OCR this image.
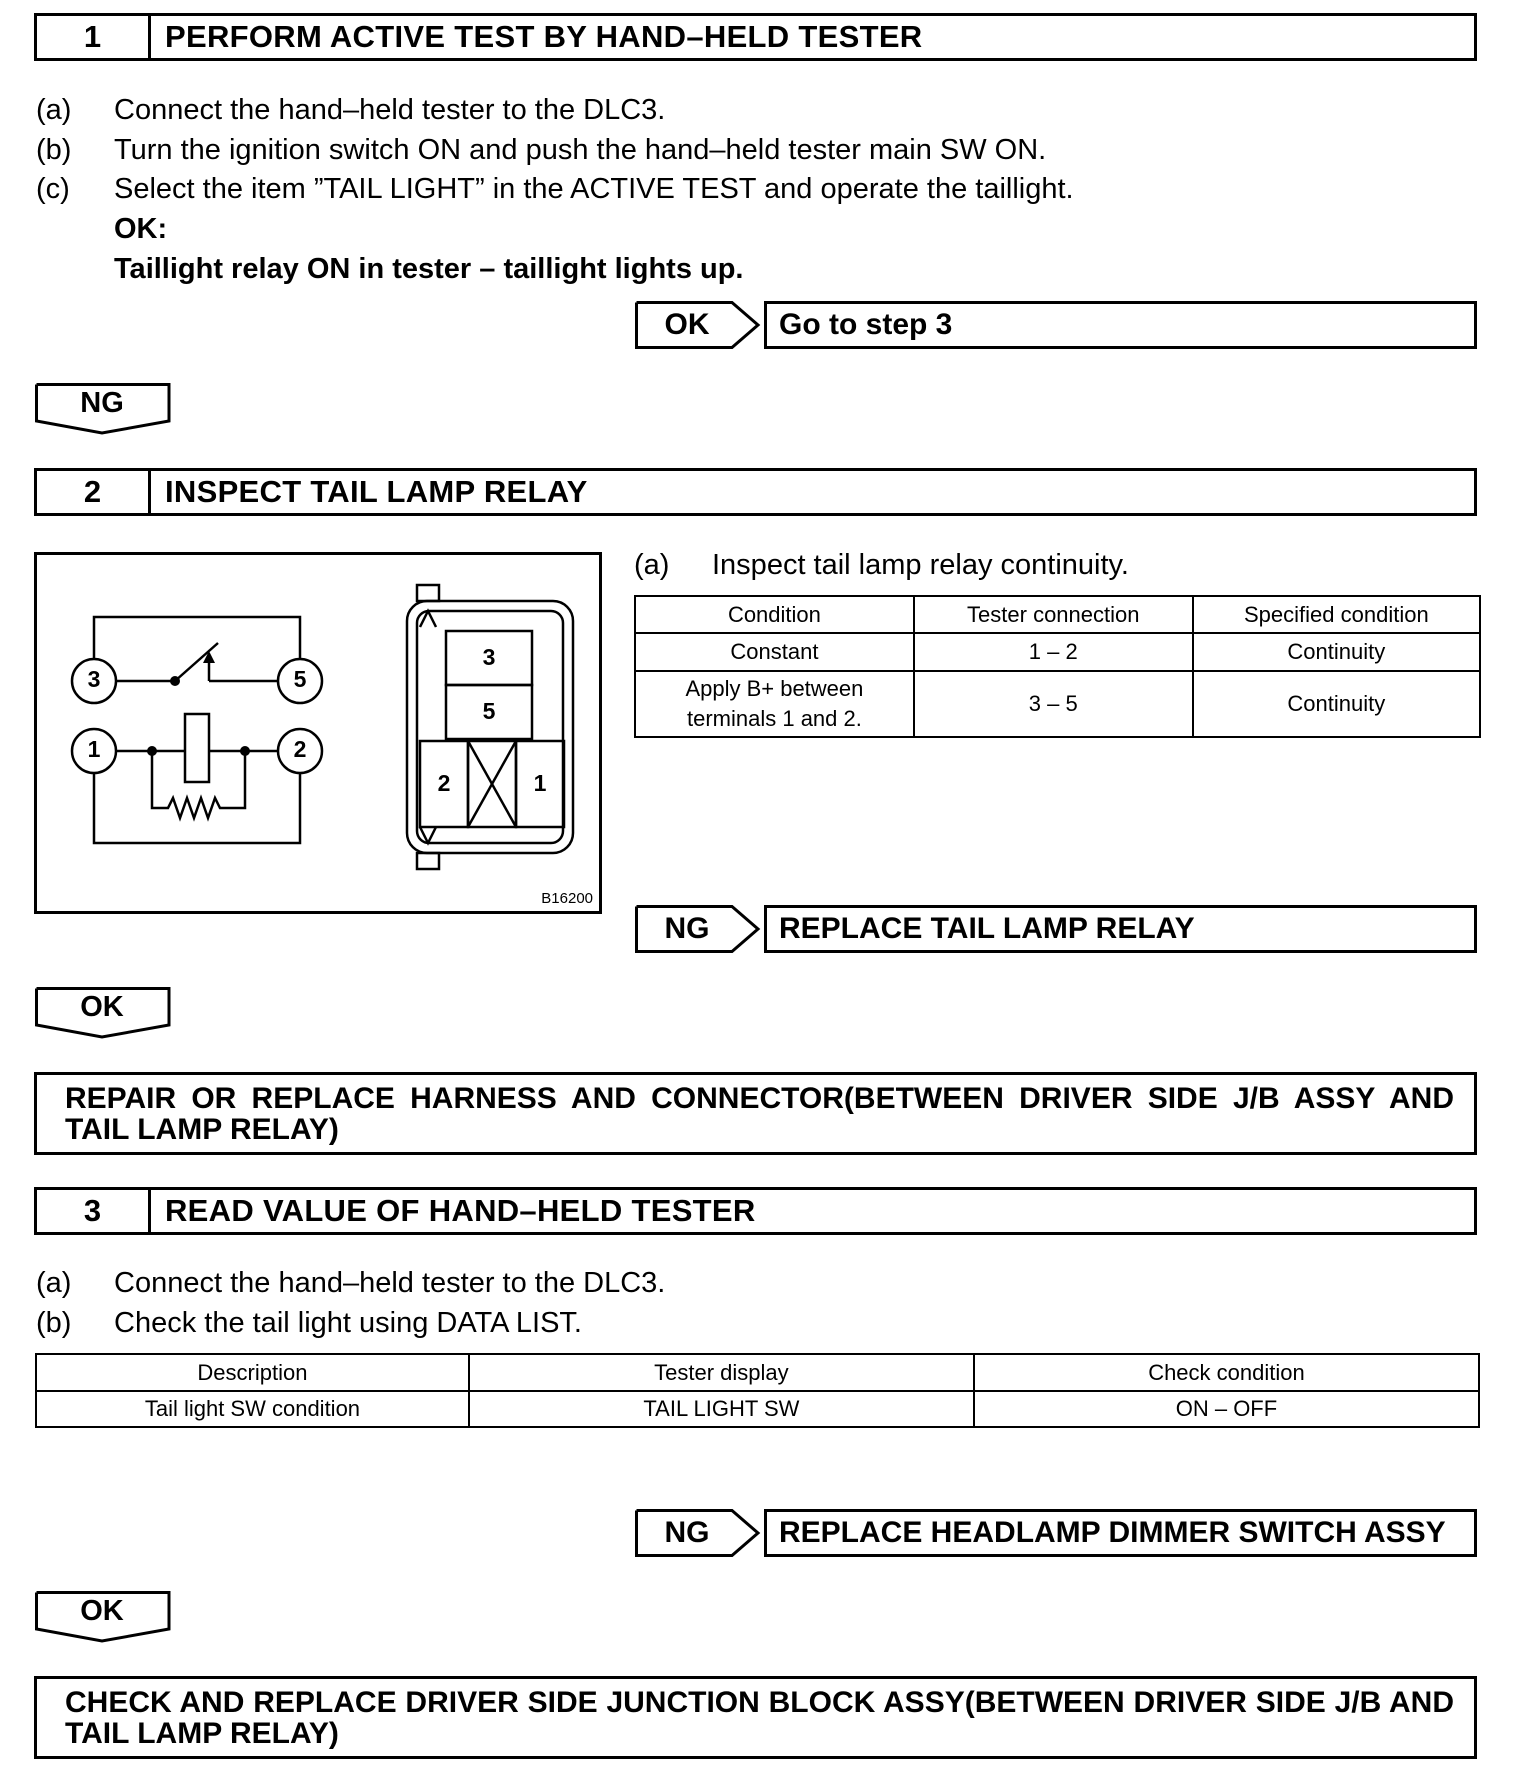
1	PERFORM ACTIVE TEST BY HAND–HELD TESTER
(a)	Connect the hand–held tester to the DLC3.
(b)	Turn the ignition switch ON and push the hand–held tester main SW ON.
(c)	Select the item ”TAIL LIGHT” in the ACTIVE TEST and operate the taillight.
OK:
Taillight relay ON in tester – taillight lights up.
OK	Go to step 3
NG
2	INSPECT TAIL LAMP RELAY
3	5
1	2
3
5
2	1
B16200
(a)	Inspect tail lamp relay continuity.
Condition	Tester connection	Specified condition
Constant	1 – 2	Continuity

Apply B+ between
terminals 1 and 2.	3 – 5	Continuity
NG	REPLACE TAIL LAMP RELAY
OK
REPAIR OR REPLACE HARNESS AND CONNECTOR(BETWEEN DRIVER SIDE J/B ASSY AND TAIL LAMP RELAY)
3	READ VALUE OF HAND–HELD TESTER
(a)	Connect the hand–held tester to the DLC3.
(b)	Check the tail light using DATA LIST.
Description	Tester display	Check condition
Tail light SW condition	TAIL LIGHT SW	ON – OFF
NG	REPLACE HEADLAMP DIMMER SWITCH ASSY
OK
CHECK AND REPLACE DRIVER SIDE JUNCTION BLOCK ASSY(BETWEEN DRIVER SIDE J/B AND TAIL LAMP RELAY)
